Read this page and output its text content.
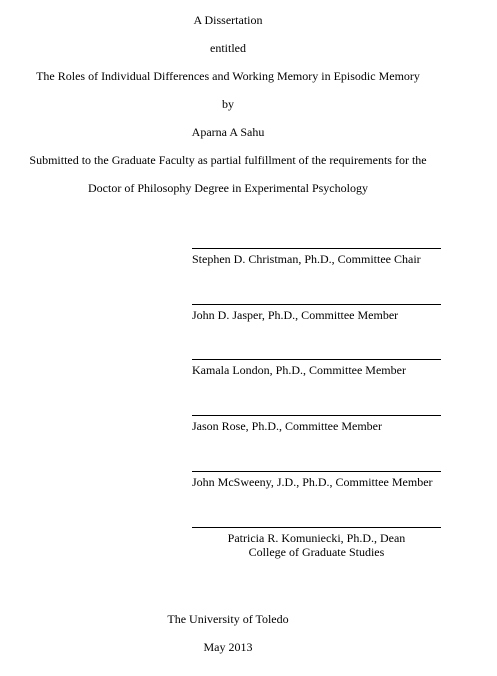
A Dissertation
entitled
The Roles of Individual Differences and Working Memory in Episodic Memory
by
Aparna A Sahu
Submitted to the Graduate Faculty as partial fulfillment of the requirements for the
Doctor of Philosophy Degree in Experimental Psychology
Stephen D. Christman, Ph.D., Committee Chair
John D. Jasper, Ph.D., Committee Member
Kamala London, Ph.D., Committee Member
Jason Rose, Ph.D., Committee Member
John McSweeny, J.D., Ph.D., Committee Member
Patricia R. Komuniecki, Ph.D., Dean
College of Graduate Studies
The University of Toledo
May 2013
